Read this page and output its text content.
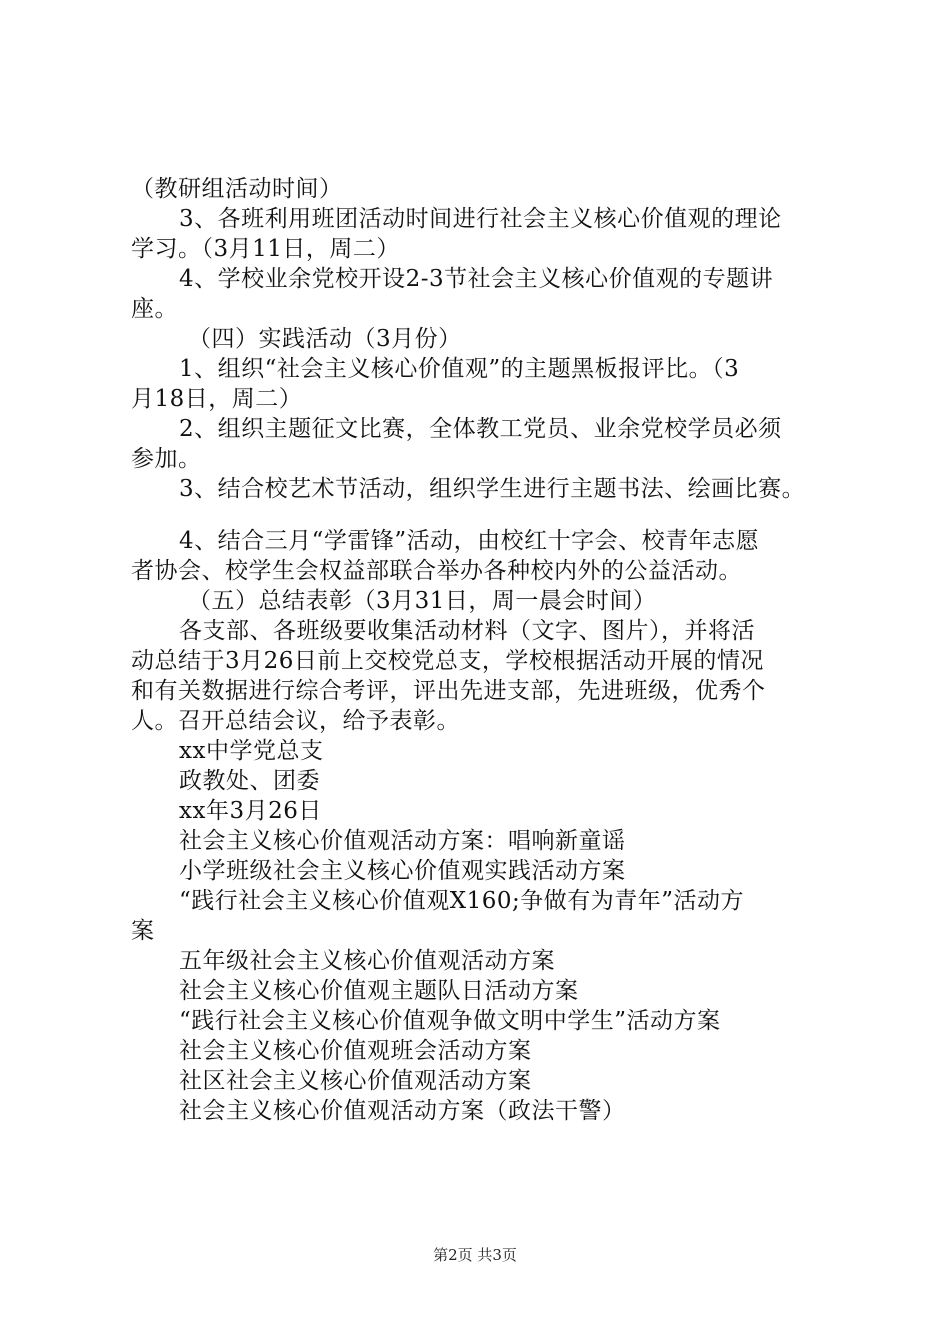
（教研组活动时间）
3、各班利用班团活动时间进行社会主义核心价值观的理论
学习。（3月11日，周二）
4、学校业余党校开设2-3节社会主义核心价值观的专题讲
座。
（四）实践活动（3月份）
1、组织“社会主义核心价值观”的主题黑板报评比。（3
月18日，周二）
2、组织主题征文比赛，全体教工党员、业余党校学员必须
参加。
3、结合校艺术节活动，组织学生进行主题书法、绘画比赛。
4、结合三月“学雷锋”活动，由校红十字会、校青年志愿
者协会、校学生会权益部联合举办各种校内外的公益活动。
（五）总结表彰（3月31日，周一晨会时间）
各支部、各班级要收集活动材料（文字、图片），并将活
动总结于3月26日前上交校党总支，学校根据活动开展的情况
和有关数据进行综合考评，评出先进支部，先进班级，优秀个
人。召开总结会议，给予表彰。
xx中学党总支
政教处、团委
xx年3月26日
社会主义核心价值观活动方案：唱响新童谣
小学班级社会主义核心价值观实践活动方案
“践行社会主义核心价值观X160;争做有为青年”活动方
案
五年级社会主义核心价值观活动方案
社会主义核心价值观主题队日活动方案
“践行社会主义核心价值观争做文明中学生”活动方案
社会主义核心价值观班会活动方案
社区社会主义核心价值观活动方案
社会主义核心价值观活动方案（政法干警）
第2页 共3页
